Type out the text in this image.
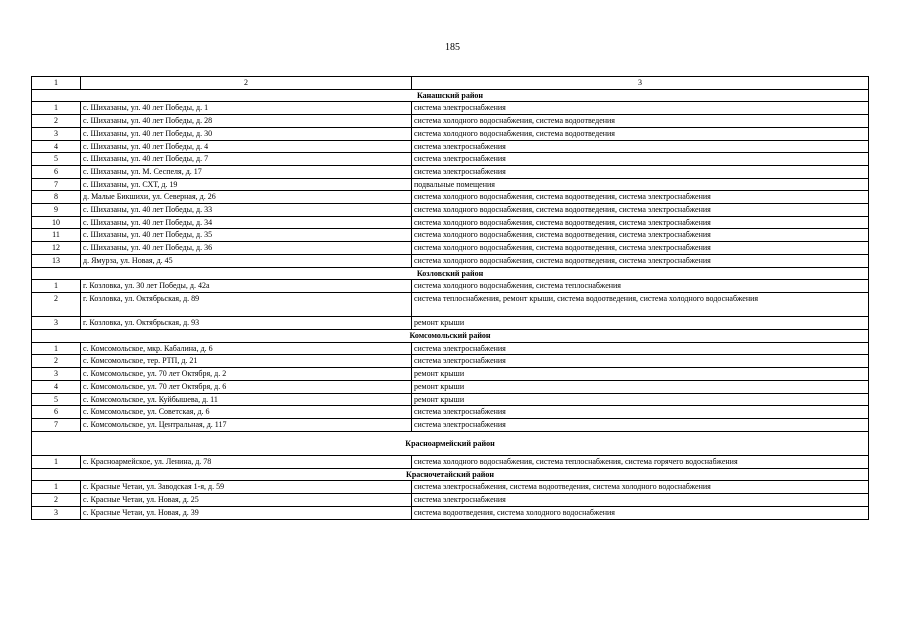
185
1	2	3
Канашский район		
1	с. Шихазаны, ул. 40 лет Победы, д. 1	система электроснабжения
2	с. Шихазаны, ул. 40 лет Победы, д. 28	система холодного водоснабжения, система водоотведения
3	с. Шихазаны, ул. 40 лет Победы, д. 30	система холодного водоснабжения, система водоотведения
4	с. Шихазаны, ул. 40 лет Победы, д. 4	система электроснабжения
5	с. Шихазаны, ул. 40 лет Победы, д. 7	система электроснабжения
6	с. Шихазаны, ул. М. Сеспеля, д. 17	система электроснабжения
7	с. Шихазаны, ул. СХТ, д. 19	подвальные помещения
8	д. Малые Бикшихи, ул. Северная, д. 26	система холодного водоснабжения, система водоотведения, система электроснабжения
9	с. Шихазаны, ул. 40 лет Победы, д. 33	система холодного водоснабжения, система водоотведения, система электроснабжения
10	с. Шихазаны, ул. 40 лет Победы, д. 34	система холодного водоснабжения, система водоотведения, система электроснабжения
11	с. Шихазаны, ул. 40 лет Победы, д. 35	система холодного водоснабжения, система водоотведения, система электроснабжения
12	с. Шихазаны, ул. 40 лет Победы, д. 36	система холодного водоснабжения, система водоотведения, система электроснабжения
13	д. Ямурза, ул. Новая, д. 45	система холодного водоснабжения, система водоотведения, система электроснабжения
Козловский район		
1	г. Козловка, ул. 30 лет Победы, д. 42а	система холодного водоснабжения, система теплоснабжения
2	г. Козловка, ул. Октябрьская, д. 89	система теплоснабжения, ремонт крыши, система водоотведения, система холодного водоснабжения
3	г. Козловка, ул. Октябрьская, д. 93	ремонт крыши
Комсомольский район		
1	с. Комсомольское, мкр. Кабалина, д. 6	система электроснабжения
2	с. Комсомольское, тер. РТП, д. 21	система электроснабжения
3	с. Комсомольское, ул. 70 лет Октября, д. 2	ремонт крыши
4	с. Комсомольское, ул. 70 лет Октября, д. 6	ремонт крыши
5	с. Комсомольское, ул. Куйбышева, д. 11	ремонт крыши
6	с. Комсомольское, ул. Советская, д. 6	система электроснабжения
7	с. Комсомольское, ул. Центральная, д. 117	система электроснабжения
Красноармейский район		
1	с. Красноармейское, ул. Ленина, д. 78	система холодного водоснабжения, система теплоснабжения, система горячего водоснабжения
Красночетайский район		
1	с. Красные Четаи, ул. Заводская 1-я, д. 59	система электроснабжения, система водоотведения, система холодного водоснабжения
2	с. Красные Четаи, ул. Новая, д. 25	система электроснабжения
3	с. Красные Четаи, ул. Новая, д. 39	система водоотведения, система холодного водоснабжения
